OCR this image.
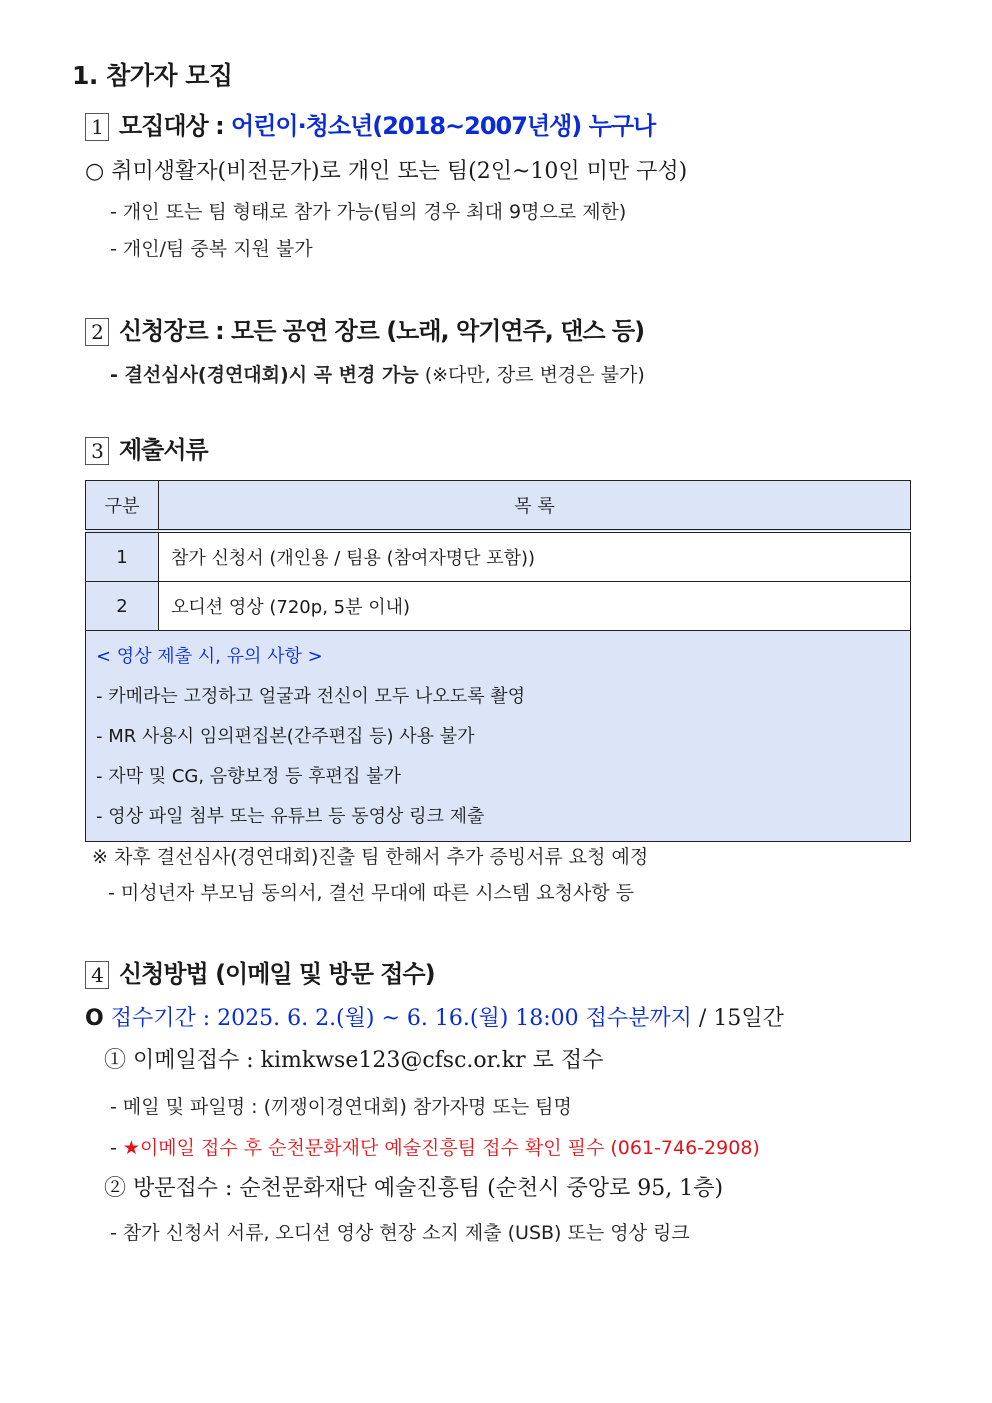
1. 참가자 모집
1 모집대상 : 어린이·청소년(2018~2007년생) 누구나
○ 취미생활자(비전문가)로 개인 또는 팀(2인~10인 미만 구성)
- 개인 또는 팀 형태로 참가 가능(팀의 경우 최대 9명으로 제한)
- 개인/팀 중복 지원 불가
2 신청장르 : 모든 공연 장르 (노래, 악기연주, 댄스 등)
- 결선심사(경연대회)시 곡 변경 가능 (※다만, 장르 변경은 불가)
3 제출서류
구분	목 록
1	참가 신청서 (개인용 / 팀용 (참여자명단 포함))
2	오디션 영상 (720p, 5분 이내)

< 영상 제출 시, 유의 사항 >
- 카메라는 고정하고 얼굴과 전신이 모두 나오도록 촬영
- MR 사용시 임의편집본(간주편집 등) 사용 불가
- 자막 및 CG, 음향보정 등 후편집 불가
- 영상 파일 첨부 또는 유튜브 등 동영상 링크 제출	
※ 차후 결선심사(경연대회)진출 팀 한해서 추가 증빙서류 요청 예정
- 미성년자 부모님 동의서, 결선 무대에 따른 시스템 요청사항 등
4 신청방법 (이메일 및 방문 접수)
O 접수기간 : 2025. 6. 2.(월) ~ 6. 16.(월) 18:00 접수분까지 / 15일간
① 이메일접수 : kimkwse123@cfsc.or.kr 로 접수
- 메일 및 파일명 : (끼쟁이경연대회) 참가자명 또는 팀명
- ★이메일 접수 후 순천문화재단 예술진흥팀 접수 확인 필수 (061-746-2908)
② 방문접수 : 순천문화재단 예술진흥팀 (순천시 중앙로 95, 1층)
- 참가 신청서 서류, 오디션 영상 현장 소지 제출 (USB) 또는 영상 링크
